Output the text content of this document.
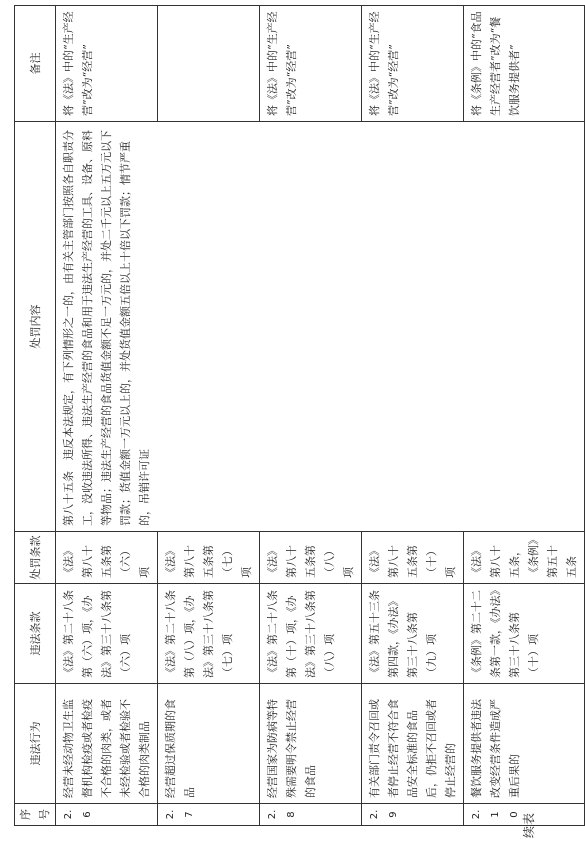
续表
序号	违法行为	违法条款	处罚条款	处罚内容	备注
2.6	经营未经动物卫生监督机构检疫或者检疫不合格的肉类，或者未经检验或者检验不合格的肉类制品	《法》第二十八条第（六）项，《办法》第三十八条第（六）项	《法》第八十五条第（六）项	第八十五条　违反本法规定，有下列情形之一的，由有关主管部门按照各自职责分工，没收违法所得、违法生产经营的食品和用于违法生产经营的工具、设备、原料等物品；违法生产经营的食品货值金额不足一万元的，并处二千元以上五万元以下罚款；货值金额一万元以上的，并处货值金额五倍以上十倍以下罚款；情节严重的，吊销许可证	将《法》中的“生产经营”改为“经营”
2.7	经营超过保质期的食品	《法》第二十八条第（八）项，《办法》第三十八条第（七）项	《法》第八十五条第（七）项		
2.8	经营国家为防病等特殊需要明令禁止经营的食品	《法》第二十八条第（十）项，《办法》第三十八条第（八）项	《法》第八十五条第（八）项		将《法》中的“生产经营”改为“经营”
2.9	有关部门责令召回或者停止经营不符合食品安全标准的食品后，仍拒不召回或者停止经营的	《法》第五十三条第四款，《办法》第三十八条第（九）项	《法》第八十五条第（十）项		将《法》中的“生产经营”改为“经营”
2.10	餐饮服务提供者违法改变经营条件造成严重后果的	《条例》第二十二条第一款，《办法》第三十八条第（十）项	《法》第八十五条，《条例》第五十五条		将《条例》中的“食品生产经营者”改为“餐饮服务提供者”
